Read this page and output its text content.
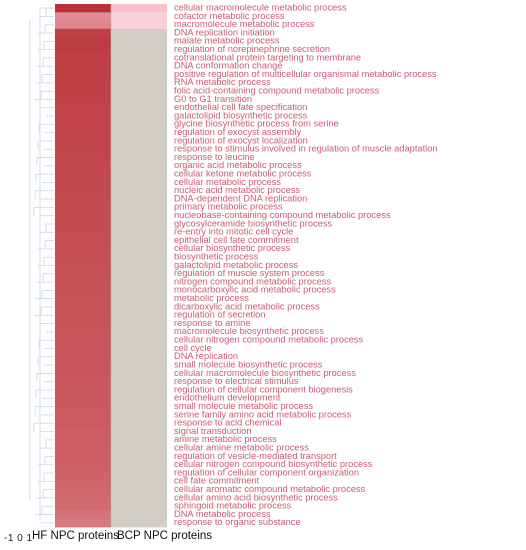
cellular macromolecule metabolic process
cofactor metabolic process
macromolecule metabolic process
DNA replication initiation
malate metabolic process
regulation of norepinephrine secretion
cotranslational protein targeting to membrane
DNA conformation change
positive regulation of multicellular organismal metabolic process
RNA metabolic process
folic acid-containing compound metabolic process
G0 to G1 transition
endothelial cell fate specification
galactolipid biosynthetic process
glycine biosynthetic process from serine
regulation of exocyst assembly
regulation of exocyst localization
response to stimulus involved in regulation of muscle adaptation
response to leucine
organic acid metabolic process
cellular ketone metabolic process
cellular metabolic process
nucleic acid metabolic process
DNA-dependent DNA replication
primary metabolic process
nucleobase-containing compound metabolic process
glycosylceramide biosynthetic process
re-entry into mitotic cell cycle
epithelial cell fate commitment
cellular biosynthetic process
biosynthetic process
galactolipid metabolic process
regulation of muscle system process
nitrogen compound metabolic process
monocarboxylic acid metabolic process
metabolic process
dicarboxylic acid metabolic process
regulation of secretion
response to amine
macromolecule biosynthetic process
cellular nitrogen compound metabolic process
cell cycle
DNA replication
small molecule biosynthetic process
cellular macromolecule biosynthetic process
response to electrical stimulus
regulation of cellular component biogenesis
endothelium development
small molecule metabolic process
serine family amino acid metabolic process
response to acid chemical
signal transduction
amine metabolic process
cellular amine metabolic process
regulation of vesicle-mediated transport
cellular nitrogen compound biosynthetic process
regulation of cellular component organization
cell fate commitment
cellular aromatic compound metabolic process
cellular amino acid biosynthetic process
sphingoid metabolic process
DNA metabolic process
response to organic substance
-1 0 1 HF NPC proteins
BCP NPC proteins
